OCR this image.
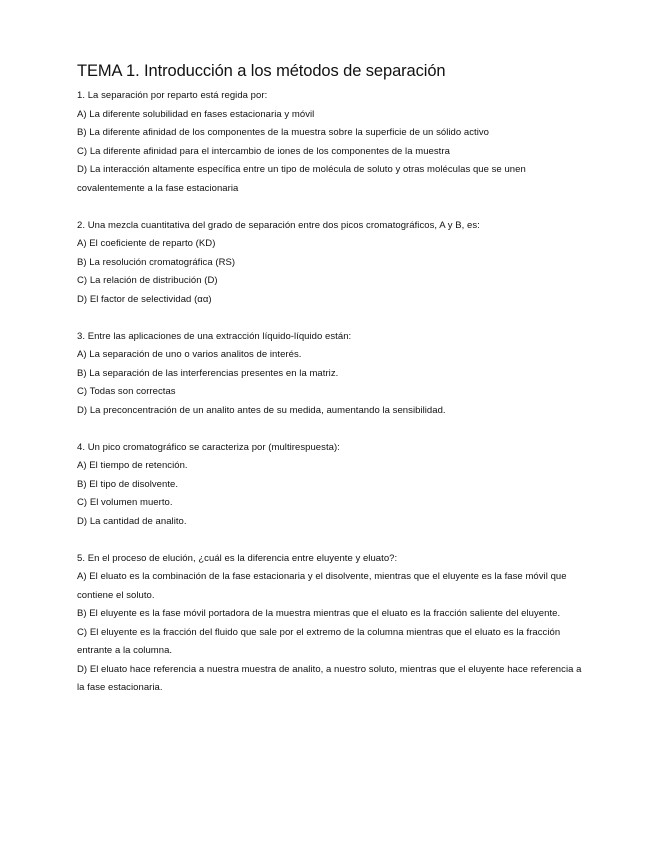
TEMA 1. Introducción a los métodos de separación
1. La separación por reparto está regida por:
A) La diferente solubilidad en fases estacionaria y móvil
B) La diferente afinidad de los componentes de la muestra sobre la superficie de un sólido activo
C) La diferente afinidad para el intercambio de iones de los componentes de la muestra
D) La interacción altamente específica entre un tipo de molécula de soluto y otras moléculas que se unen covalentemente a la fase estacionaria
2. Una mezcla cuantitativa del grado de separación entre dos picos cromatográficos, A y B, es:
A) El coeficiente de reparto (KD)
B) La resolución cromatográfica (RS)
C) La relación de distribución (D)
D) El factor de selectividad (αα)
3. Entre las aplicaciones de una extracción líquido-líquido están:
A) La separación de uno o varios analitos de interés.
B) La separación de las interferencias presentes en la matriz.
C) Todas son correctas
D) La preconcentración de un analito antes de su medida, aumentando la sensibilidad.
4. Un pico cromatográfico se caracteriza por (multirespuesta):
A) El tiempo de retención.
B) El tipo de disolvente.
C) El volumen muerto.
D) La cantidad de analito.
5. En el proceso de elución, ¿cuál es la diferencia entre eluyente y eluato?:
A) El eluato es la combinación de la fase estacionaria y el disolvente, mientras que el eluyente es la fase móvil que contiene el soluto.
B) El eluyente es la fase móvil portadora de la muestra mientras que el eluato es la fracción saliente del eluyente.
C) El eluyente es la fracción del fluido que sale por el extremo de la columna mientras que el eluato es la fracción entrante a la columna.
D) El eluato hace referencia a nuestra muestra de analito, a nuestro soluto, mientras que el eluyente hace referencia a la fase estacionaria.
